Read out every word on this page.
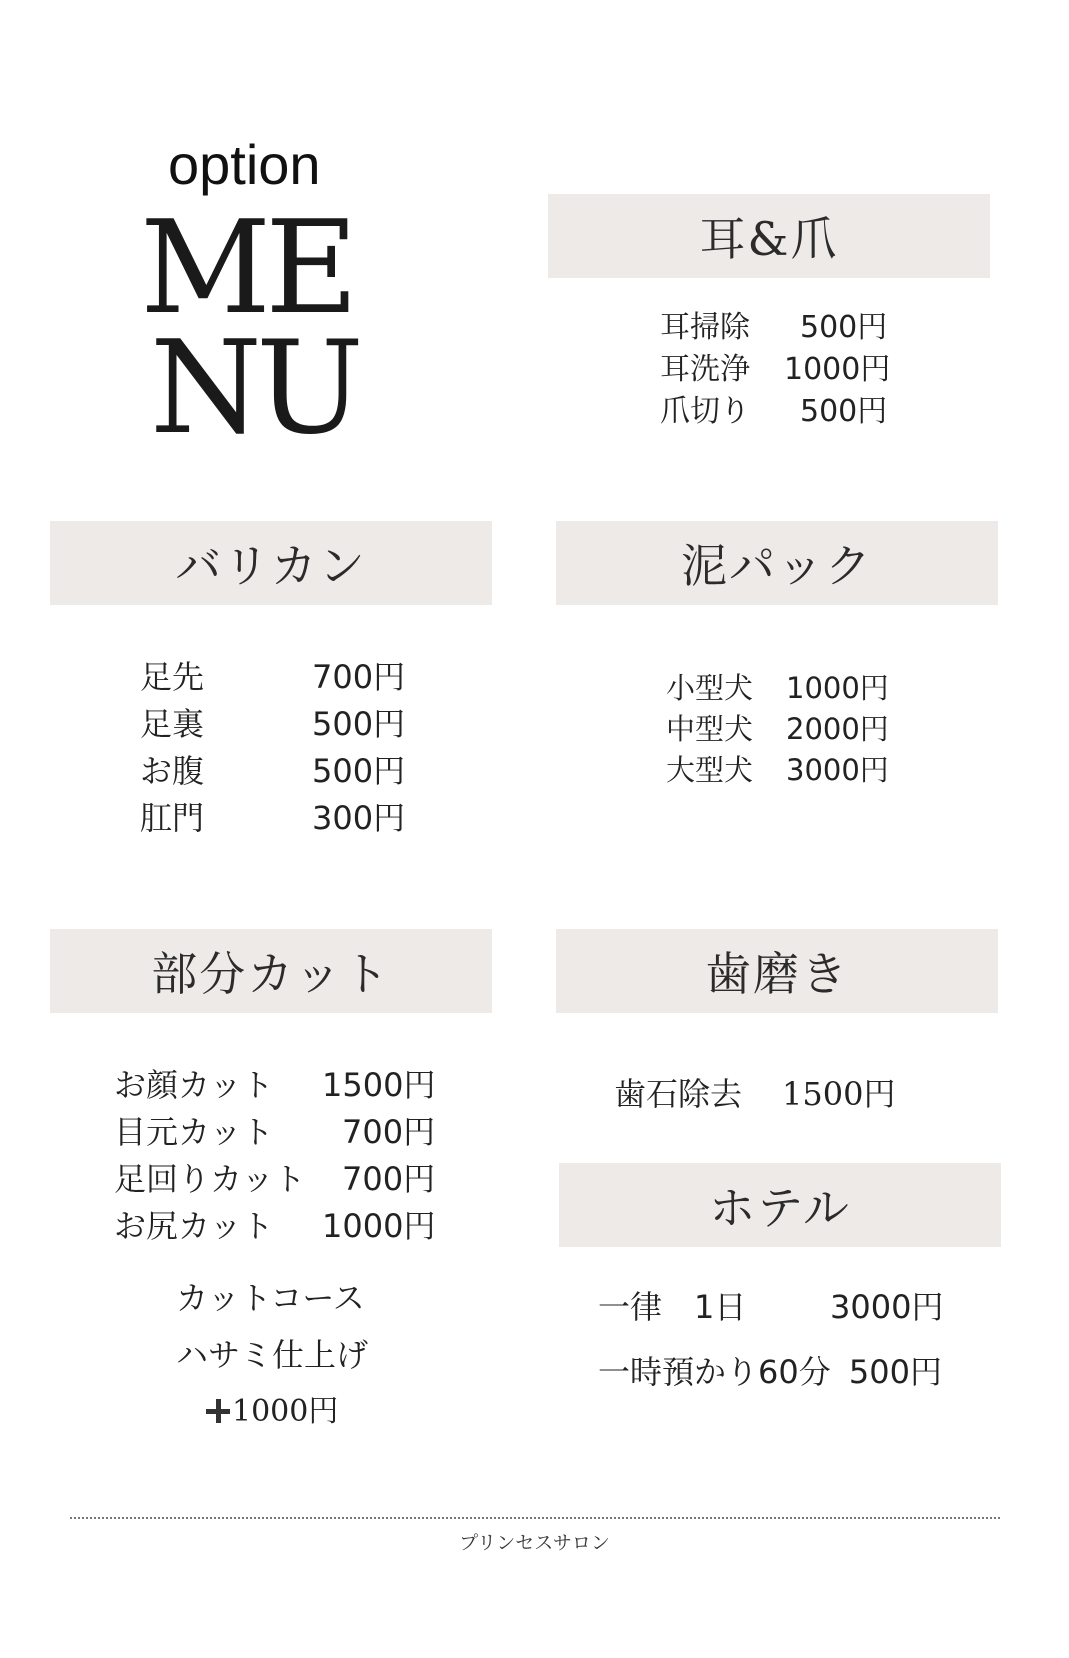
option
ME
NU
耳&爪
耳掃除 500円
耳洗浄 1000円
爪切り 500円
バリカン
足先	700円
足裏	500円
お腹	500円
肛門	300円
泥パック
小型犬 1000円
中型犬 2000円
大型犬 3000円
部分カット
お顔カット 1500円
目元カット 700円
足回りカット 700円
お尻カット 1000円
カットコース
ハサミ仕上げ
1000円
歯磨き
歯石除去 1500円
ホテル
一律　1日	3000円
一時預かり60分 500円
プリンセスサロン
